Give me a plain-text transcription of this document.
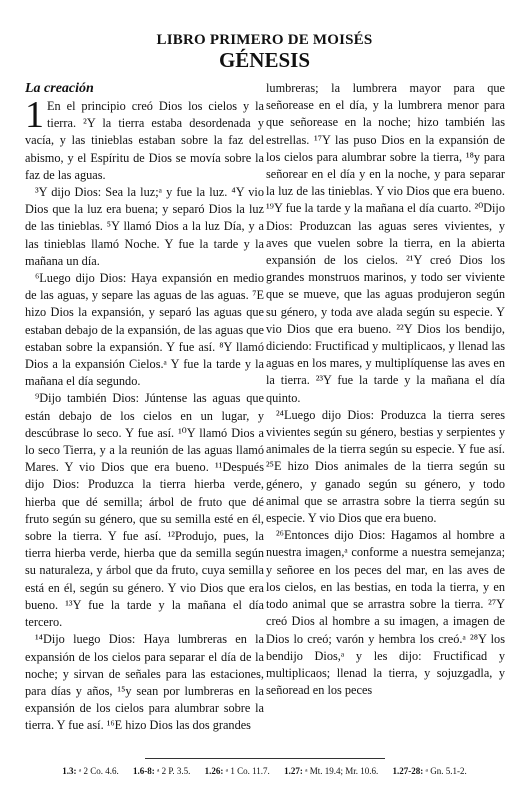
LIBRO PRIMERO DE MOISÉS
GÉNESIS
La creación

1 En el principio creó Dios los cielos y la tierra. ²Y la tierra estaba desordenada y vacía, y las tinieblas estaban sobre la faz del abismo, y el Espíritu de Dios se movía sobre la faz de las aguas.

³Y dijo Dios: Sea la luz;ᵃ y fue la luz. ⁴Y vio Dios que la luz era buena; y separó Dios la luz de las tinieblas. ⁵Y llamó Dios a la luz Día, y a las tinieblas llamó Noche. Y fue la tarde y la mañana un día.

⁶Luego dijo Dios: Haya expansión en medio de las aguas, y separe las aguas de las aguas. ⁷E hizo Dios la expansión, y separó las aguas que estaban debajo de la expansión, de las aguas que estaban sobre la expansión. Y fue así. ⁸Y llamó Dios a la expansión Cielos.ᵃ Y fue la tarde y la mañana el día segundo.

⁹Dijo también Dios: Júntense las aguas que están debajo de los cielos en un lugar, y descúbrase lo seco. Y fue así. ¹⁰Y llamó Dios a lo seco Tierra, y a la reunión de las aguas llamó Mares. Y vio Dios que era bueno. ¹¹Después dijo Dios: Produzca la tierra hierba verde, hierba que dé semilla; árbol de fruto que dé fruto según su género, que su semilla esté en él, sobre la tierra. Y fue así. ¹²Produjo, pues, la tierra hierba verde, hierba que da semilla según su naturaleza, y árbol que da fruto, cuya semilla está en él, según su género. Y vio Dios que era bueno. ¹³Y fue la tarde y la mañana el día tercero.

¹⁴Dijo luego Dios: Haya lumbreras en la expansión de los cielos para separar el día de la noche; y sirvan de señales para las estaciones, para días y años, ¹⁵y sean por lumbreras en la expansión de los cielos para alumbrar sobre la tierra. Y fue así. ¹⁶E hizo Dios las dos grandes

lumbreras; la lumbrera mayor para que señorease en el día, y la lumbrera menor para que señorease en la noche; hizo también las estrellas. ¹⁷Y las puso Dios en la expansión de los cielos para alumbrar sobre la tierra, ¹⁸y para señorear en el día y en la noche, y para separar la luz de las tinieblas. Y vio Dios que era bueno. ¹⁹Y fue la tarde y la mañana el día cuarto. ²⁰Dijo Dios: Produzcan las aguas seres vivientes, y aves que vuelen sobre la tierra, en la abierta expansión de los cielos. ²¹Y creó Dios los grandes monstruos marinos, y todo ser viviente que se mueve, que las aguas produjeron según su género, y toda ave alada según su especie. Y vio Dios que era bueno. ²²Y Dios los bendijo, diciendo: Fructificad y multiplicaos, y llenad las aguas en los mares, y multiplíquense las aves en la tierra. ²³Y fue la tarde y la mañana el día quinto.

²⁴Luego dijo Dios: Produzca la tierra seres vivientes según su género, bestias y serpientes y animales de la tierra según su especie. Y fue así. ²⁵E hizo Dios animales de la tierra según su género, y ganado según su género, y todo animal que se arrastra sobre la tierra según su especie. Y vio Dios que era bueno.

²⁶Entonces dijo Dios: Hagamos al hombre a nuestra imagen,ᵃ conforme a nuestra semejanza; y señoree en los peces del mar, en las aves de los cielos, en las bestias, en toda la tierra, y en todo animal que se arrastra sobre la tierra. ²⁷Y creó Dios al hombre a su imagen, a imagen de Dios lo creó; varón y hembra los creó.ᵃ ²⁸Y los bendijo Dios,ᵃ y les dijo: Fructificad y multiplicaos; llenad la tierra, y sojuzgadla, y señoread en los peces

1.3: ᵃ 2 Co. 4.6. 1.6-8: ᵃ 2 P. 3.5. 1.26: ᵃ 1 Co. 11.7. 1.27: ᵃ Mt. 19.4; Mr. 10.6. 1.27-28: ᵃ Gn. 5.1-2.
